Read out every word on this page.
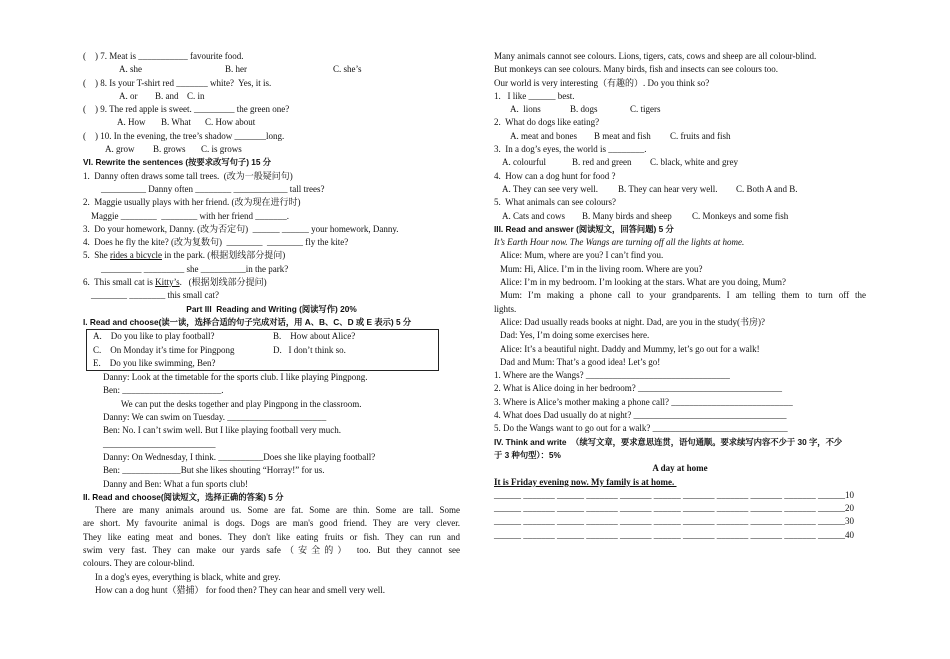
(    ) 7. Meat is ___________ favourite food.
A. she	B. her	C. she’s
(    ) 8. Is your T-shirt red _______ white?  Yes, it is.
A. or B. and C. in
(    ) 9. The red apple is sweet. _________ the green one?
A. How B. What C. How about
(    ) 10. In the evening, the tree’s shadow _______long.
A. grow B. grows C. is grows
VI. Rewrite the sentences (按要求改写句子) 15 分
1.  Danny often draws some tall trees.  (改为一般疑问句)
__________ Danny often ________ ____________ tall trees?
2.  Maggie usually plays with her friend. (改为现在进行时)
Maggie ________  ________ with her friend _______.
3.  Do your homework, Danny. (改为否定句)  ______ ______ your homework, Danny.
4.  Does he fly the kite? (改为复数句)  ________  ________ fly the kite?
5.  She rides a bicycle in the park. (根据划线部分提问)
_________ _________ she __________in the park?
6.  This small cat is Kitty’s.   (根据划线部分提问)
________ ________ this small cat?
Part III  Reading and Writing (阅读写作) 20%
I. Read and choose(读一读，选择合适的句子完成对话，用 A、B、C、D 或 E 表示) 5 分
A.    Do you like to play football?	B.    How about Alice?
C.    On Monday it’s time for Pingpong	D.   I don’t think so.
E.    Do you like swimming, Ben?
Danny: Look at the timetable for the sports club. I like playing Pingpong.
Ben: ______________________.
We can put the desks together and play Pingpong in the classroom.
Danny: We can swim on Tuesday. ______________________
Ben: No. I can’t swim well. But I like playing football very much.
_________________________
Danny: On Wednesday, I think. __________Does she like playing football?
Ben: _____________But she likes shouting “Horray!” for us.
Danny and Ben: What a fun sports club!
II. Read and choose(阅读短文，选择正确的答案) 5 分
There are many animals around us. Some are fat. Some are thin. Some are tall. Some
are short. My favourite animal is dogs. Dogs are man's good friend. They are very clever.
They like eating meat and bones. They don't like eating fruits or fish. They can run and
swim very fast. They can make our yards safe（安全的） too. But they cannot see
colours. They are colour-blind.
In a dog's eyes, everything is black, white and grey.
How can a dog hunt（猎捕） for food then? They can hear and smell very well.
Many animals cannot see colours. Lions, tigers, cats, cows and sheep are all colour-blind.
But monkeys can see colours. Many birds, fish and insects can see colours too.
Our world is very interesting（有趣的）. Do you think so?
1.   I like ______ best.
A.  lions	B. dogs	C. tigers
2.  What do dogs like eating?
A. meat and bones B meat and fish C. fruits and fish
3.  In a dog’s eyes, the world is ________.
A. colourful	B. red and green C. black, white and grey
4.  How can a dog hunt for food ?
A. They can see very well. B. They can hear very well. C. Both A and B.
5.  What animals can see colours?
A. Cats and cows B. Many birds and sheep C. Monkeys and some fish
III. Read and answer (阅读短文，回答问题) 5 分
It’s Earth Hour now. The Wangs are turning off all the lights at home.
Alice: Mum, where are you? I can’t find you.
Mum: Hi, Alice. I’m in the living room. Where are you?
Alice: I’m in my bedroom. I’m looking at the stars. What are you doing, Mum?
Mum: I’m making a phone call to your grandparents. I am telling them to turn off the
lights.
Alice: Dad usually reads books at night. Dad, are you in the study(书房)?
Dad: Yes, I’m doing some exercises here.
Alice: It’s a beautiful night. Daddy and Mummy, let’s go out for a walk!
Dad and Mum: That’s a good idea! Let’s go!
1. Where are the Wangs? ________________________________
2. What is Alice doing in her bedroom? ________________________________
3. Where is Alice’s mother making a phone call? ___________________________
4. What does Dad usually do at night? __________________________________
5. Do the Wangs want to go out for a walk? ______________________________
IV. Think and write  （续写文章，要求意思连贯，语句通顺。要求续写内容不少于 30 字，不少
于 3 种句型）：5%
A day at home
It is Friday evening now. My family is at home.
______ _______ ______ _______ _______ ______ _______ _______ _______ _______ ______10
______ _______ ______ _______ _______ ______ _______ _______ _______ _______ ______20
______ _______ ______ _______ _______ ______ _______ _______ _______ _______ ______30
______ _______ ______ _______ _______ ______ _______ _______ _______ _______ ______40
